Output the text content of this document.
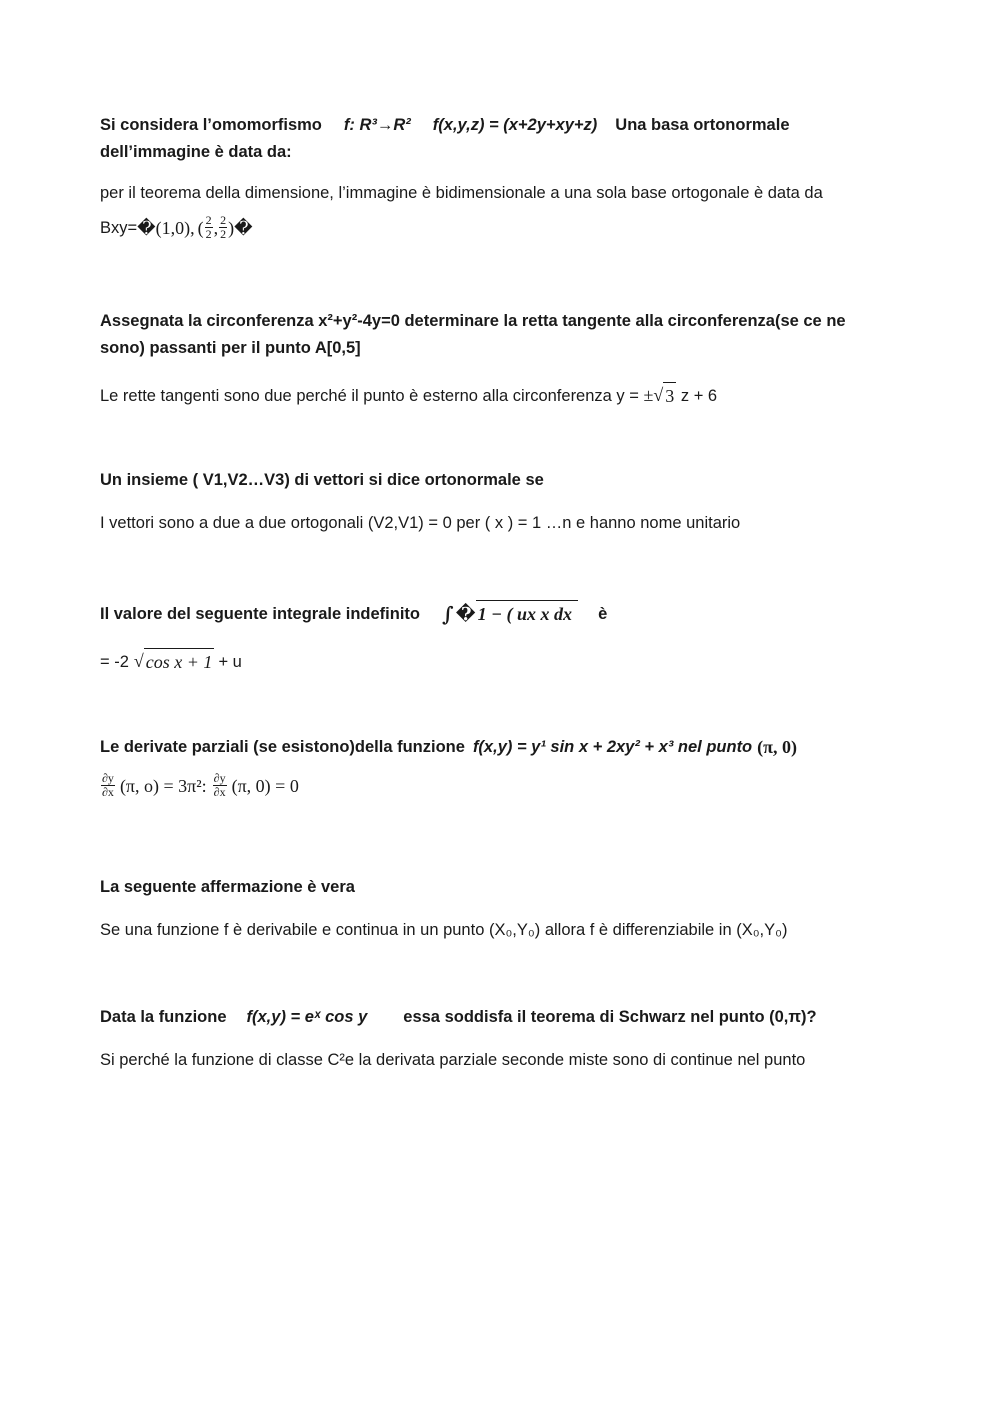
Si considera l’omomorfismo f: R³→R² f(x,y,z) = (x+2y+xy+z) Una basa ortonormale
dell’immagine è data da:
per il teorema della dimensione, l’immagine è bidimensionale a una sola base ortogonale è data da
Bxy= � (1,0), ( $\frac{2}{2}$ , $\frac{2}{2}$ ) �
Assegnata la circonferenza x²+y²-4y=0 determinare la retta tangente alla circonferenza(se ce ne
sono) passanti per il punto A[0,5]
Le rette tangenti sono due perché il punto è esterno alla circonferenza y = ±√ 3 z + 6
Un insieme ( V1,V2…V3) di vettori si dice ortonormale se
I vettori sono a due a due ortogonali (V2,V1) = 0 per ( x ) = 1 …n e hanno nome unitario
Il valore del seguente integrale indefinito ∫ � 1 − ( ux x dx	è
= -2 √ cos x + 1 + u
Le derivate parziali (se esistono)della funzione f(x,y) = y¹ sin x + 2xy² + x³ nel punto (π, 0)
$\frac{\partial y}{\partial x} (\pi$, o) = 3π²: $\frac{\partial y}{\partial x} (\pi$, 0) = 0
La seguente affermazione è vera
Se una funzione f è derivabile e continua in un punto (X₀,Y₀) allora f è differenziabile in (X₀,Y₀)
Data la funzione f(x,y) = eˣ cos y essa soddisfa il teorema di Schwarz nel punto (0,π)?
Si perché la funzione di classe C²e la derivata parziale seconde miste sono di continue nel punto
